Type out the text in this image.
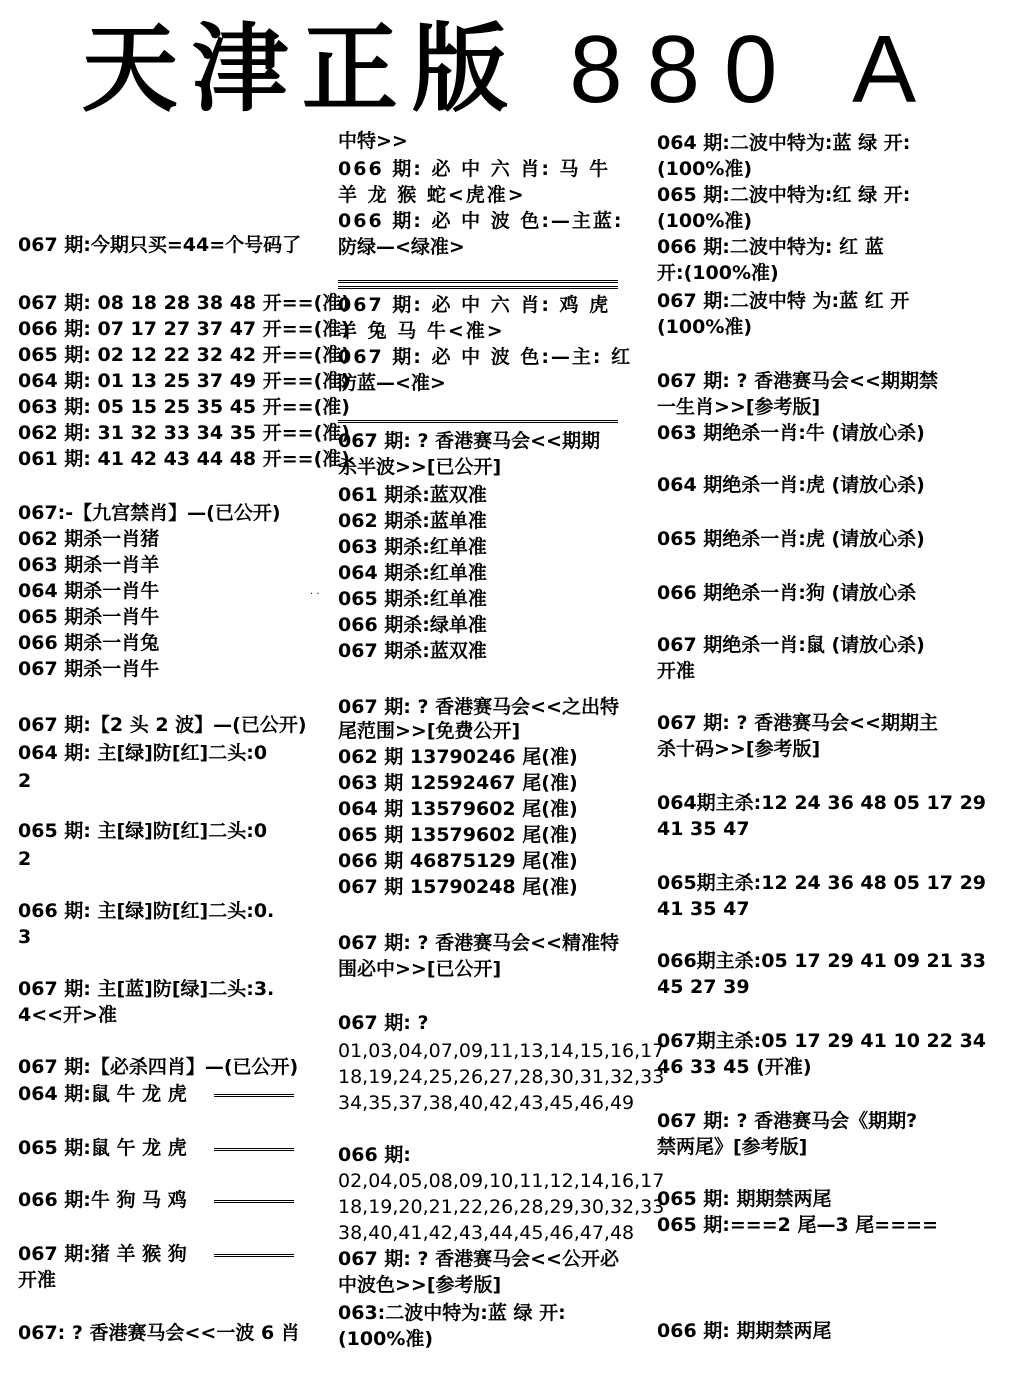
天津正版 880 A
067 期:今期只买=44=个号码了
067 期: 08 18 28 38 48 开==(准)
066 期: 07 17 27 37 47 开==(准)
065 期: 02 12 22 32 42 开==(准)
064 期: 01 13 25 37 49 开==(准)
063 期: 05 15 25 35 45 开==(准)
062 期: 31 32 33 34 35 开==(准)
061 期: 41 42 43 44 48 开==(准)
067:-【九宫禁肖】—(已公开)
062 期杀一肖猪
063 期杀一肖羊
064 期杀一肖牛
065 期杀一肖牛
066 期杀一肖兔
067 期杀一肖牛
067 期:【2 头 2 波】—(已公开)
064 期: 主[绿]防[红]二头:0
2
065 期: 主[绿]防[红]二头:0
2
066 期: 主[绿]防[红]二头:0.
3
067 期: 主[蓝]防[绿]二头:3.
4<<开>准
067 期:【必杀四肖】—(已公开)
064 期:鼠 牛 龙 虎
065 期:鼠 午 龙 虎
066 期:牛 狗 马 鸡
067 期:猪 羊 猴 狗
开准
067: ? 香港赛马会<<一波 6 肖
. .
中特>>
066 期: 必 中 六 肖: 马 牛
羊 龙 猴 蛇<虎准>
066 期: 必 中 波 色:—主蓝:
防绿—<绿准>
067 期: 必 中 六 肖: 鸡 虎
羊 兔 马 牛<准>
067 期: 必 中 波 色:—主: 红
防蓝—<准>
067 期: ? 香港赛马会<<期期
杀半波>>[已公开]
061 期杀:蓝双准
062 期杀:蓝单准
063 期杀:红单准
064 期杀:红单准
065 期杀:红单准
066 期杀:绿单准
067 期杀:蓝双准
067 期: ? 香港赛马会<<之出特
尾范围>>[免费公开]
062 期 13790246 尾(准)
063 期 12592467 尾(准)
064 期 13579602 尾(准)
065 期 13579602 尾(准)
066 期 46875129 尾(准)
067 期 15790248 尾(准)
067 期: ? 香港赛马会<<精准特
围必中>>[已公开]
067 期: ?
01,03,04,07,09,11,13,14,15,16,17
18,19,24,25,26,27,28,30,31,32,33
34,35,37,38,40,42,43,45,46,49
066 期:
02,04,05,08,09,10,11,12,14,16,17
18,19,20,21,22,26,28,29,30,32,33
38,40,41,42,43,44,45,46,47,48
067 期: ? 香港赛马会<<公开必
中波色>>[参考版]
063:二波中特为:蓝 绿 开:
(100%准)
064 期:二波中特为:蓝 绿 开:
(100%准)
065 期:二波中特为:红 绿 开:
(100%准)
066 期:二波中特为: 红 蓝
开:(100%准)
067 期:二波中特 为:蓝 红 开
(100%准)
067 期: ? 香港赛马会<<期期禁
一生肖>>[参考版]
063 期绝杀一肖:牛 (请放心杀)
064 期绝杀一肖:虎 (请放心杀)
065 期绝杀一肖:虎 (请放心杀)
066 期绝杀一肖:狗 (请放心杀
067 期绝杀一肖:鼠 (请放心杀)
开准
067 期: ? 香港赛马会<<期期主
杀十码>>[参考版]
064期主杀:12 24 36 48 05 17 29
41 35 47
065期主杀:12 24 36 48 05 17 29
41 35 47
066期主杀:05 17 29 41 09 21 33
45 27 39
067期主杀:05 17 29 41 10 22 34
46 33 45 (开准)
067 期: ? 香港赛马会《期期?
禁两尾》[参考版]
065 期: 期期禁两尾
065 期:===2 尾—3 尾====
066 期: 期期禁两尾
